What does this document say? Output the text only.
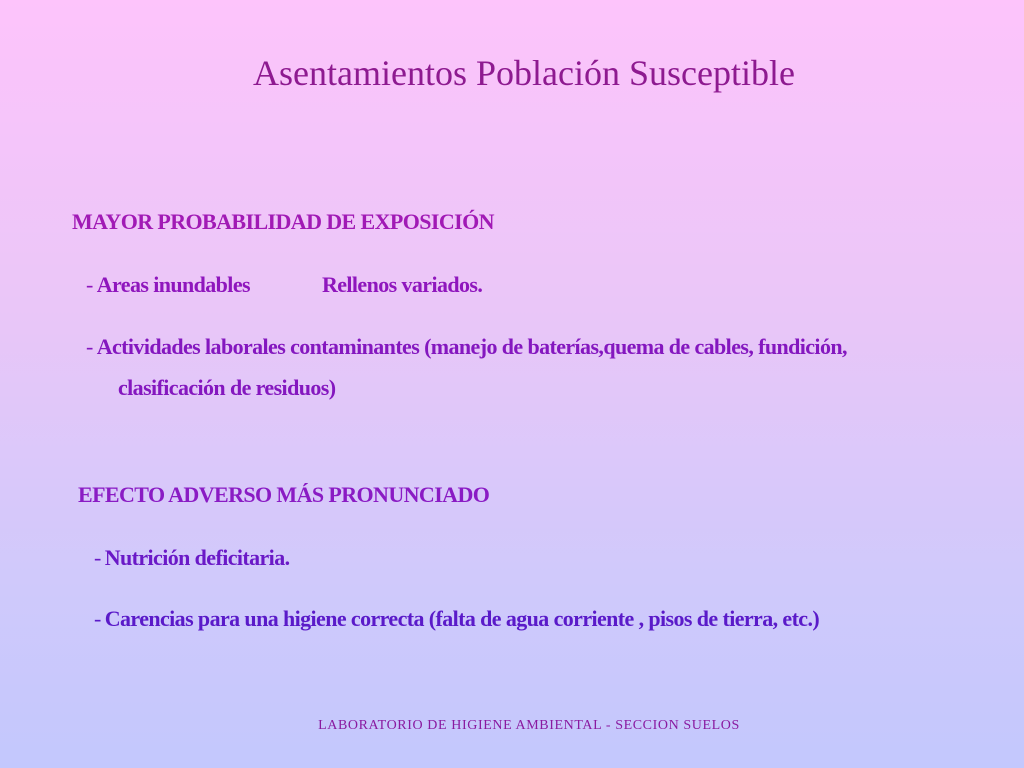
Asentamientos Población Susceptible
MAYOR PROBABILIDAD DE EXPOSICIÓN
- Areas inundables	Rellenos variados.
- Actividades laborales contaminantes (manejo de baterías,quema de cables, fundición,
clasificación de residuos)
EFECTO ADVERSO MÁS PRONUNCIADO
- Nutrición deficitaria.
- Carencias para una higiene correcta (falta de agua corriente , pisos de tierra, etc.)
LABORATORIO DE HIGIENE AMBIENTAL - SECCION SUELOS
